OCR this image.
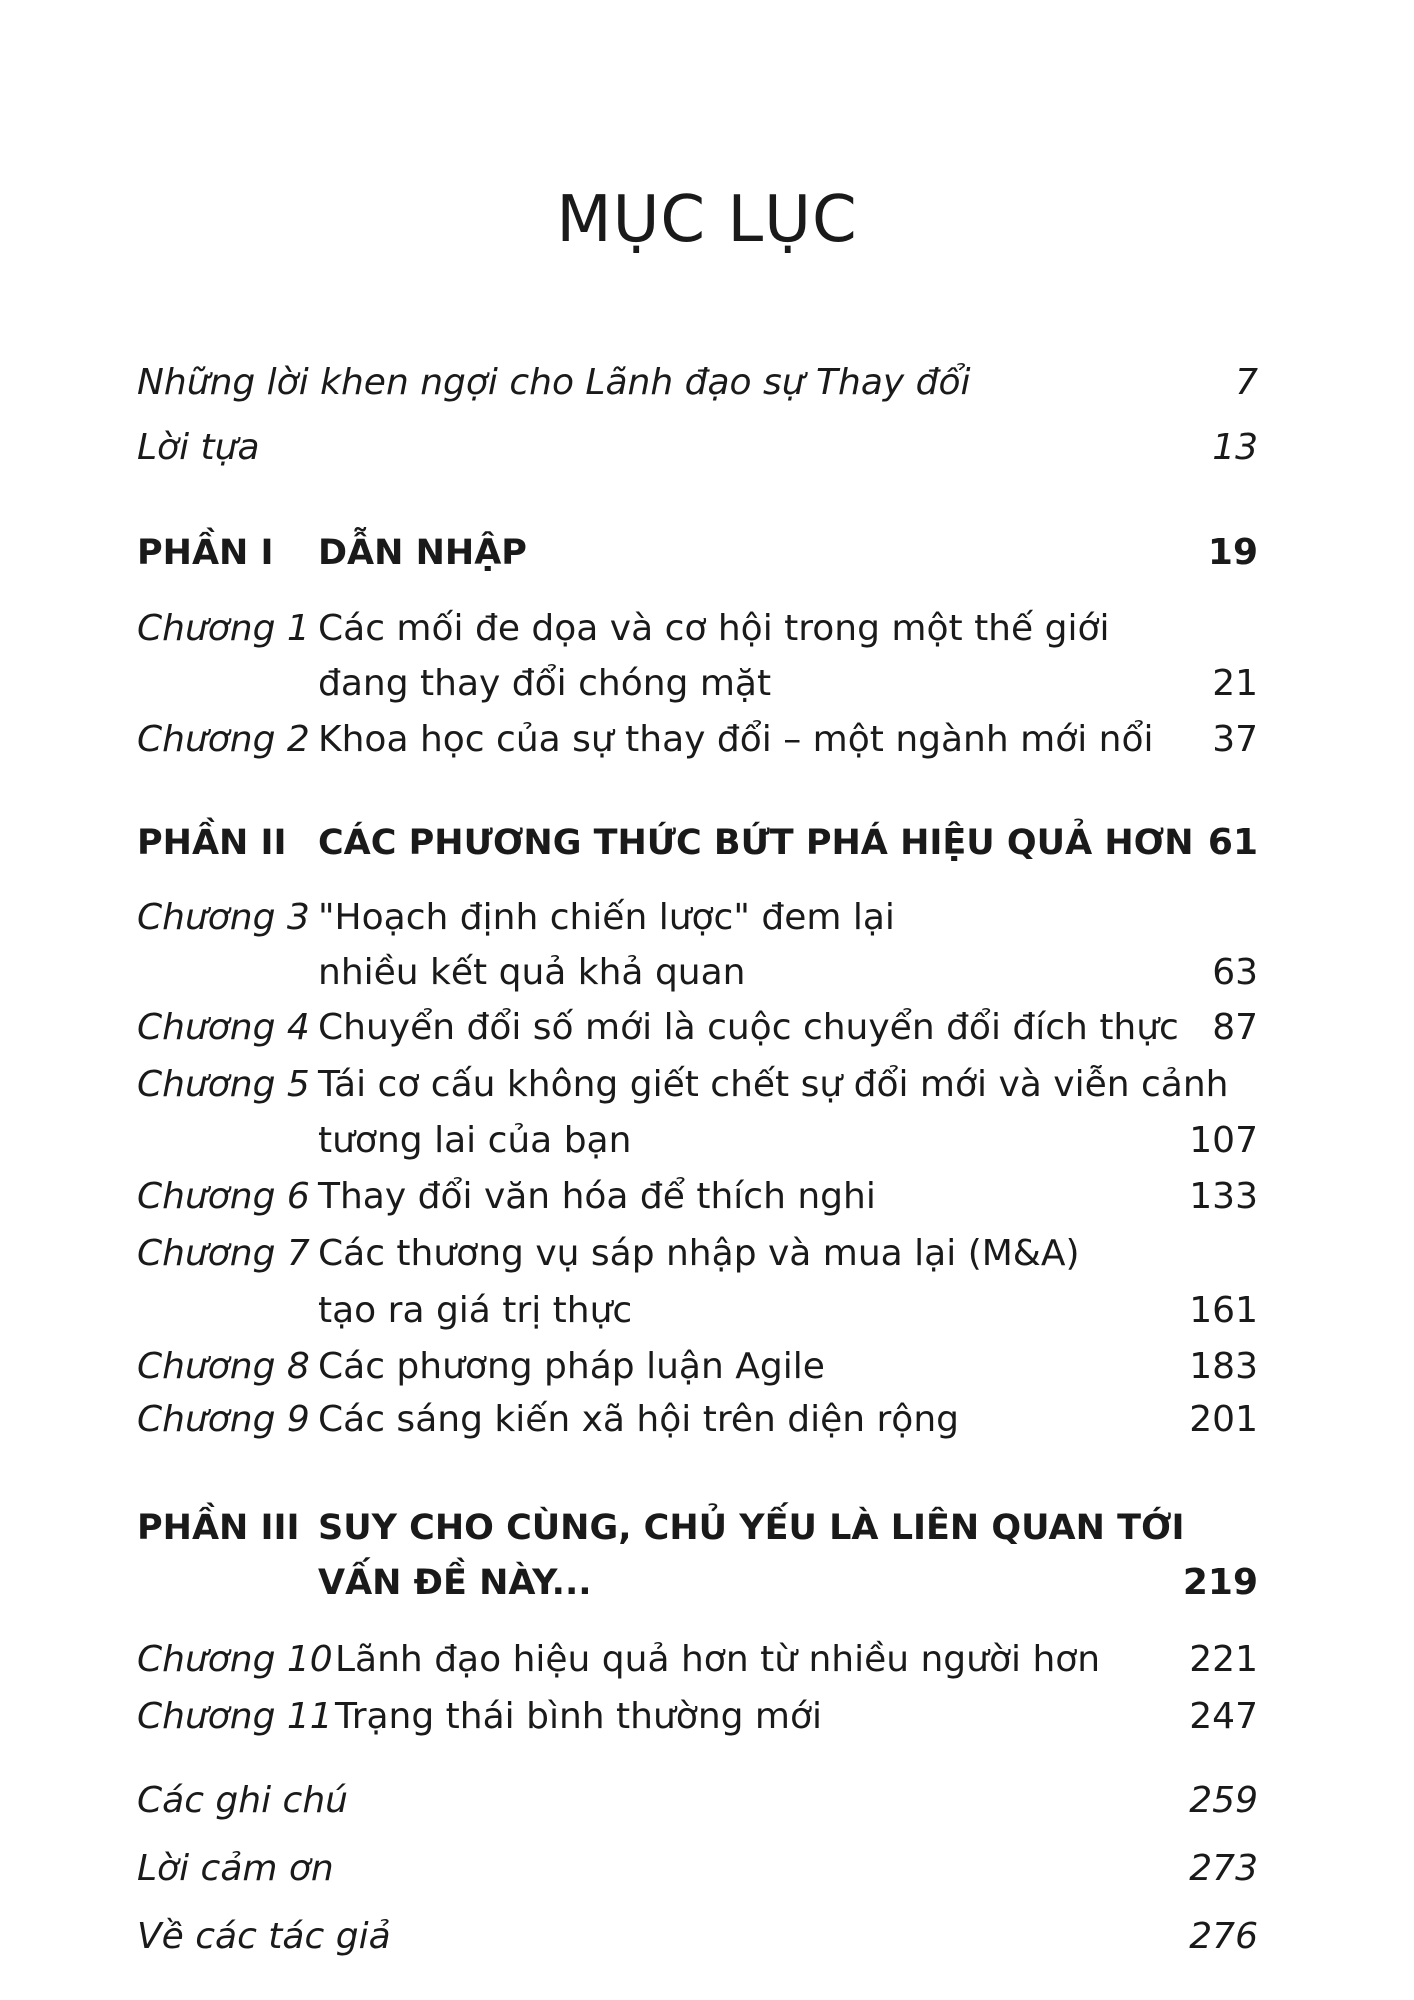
MỤC LỤC
Những lời khen ngợi cho Lãnh đạo sự Thay đổi	7
Lời tựa	13
PHẦN I DẪN NHẬP	19
Chương 1 Các mối đe dọa và cơ hội trong một thế giới
đang thay đổi chóng mặt	21
Chương 2 Khoa học của sự thay đổi – một ngành mới nổi 37
PHẦN II CÁC PHƯƠNG THỨC BỨT PHÁ HIỆU QUẢ HƠN 61
Chương 3 "Hoạch định chiến lược" đem lại
nhiều kết quả khả quan	63
Chương 4 Chuyển đổi số mới là cuộc chuyển đổi đích thực 87
Chương 5 Tái cơ cấu không giết chết sự đổi mới và viễn cảnh
tương lai của bạn	107
Chương 6 Thay đổi văn hóa để thích nghi	133
Chương 7 Các thương vụ sáp nhập và mua lại (M&A)
tạo ra giá trị thực	161
Chương 8 Các phương pháp luận Agile	183
Chương 9 Các sáng kiến xã hội trên diện rộng	201
PHẦN III SUY CHO CÙNG, CHỦ YẾU LÀ LIÊN QUAN TỚI
VẤN ĐỀ NÀY...	219
Chương 10 Lãnh đạo hiệu quả hơn từ nhiều người hơn 221
Chương 11 Trạng thái bình thường mới	247
Các ghi chú	259
Lời cảm ơn	273
Về các tác giả	276
